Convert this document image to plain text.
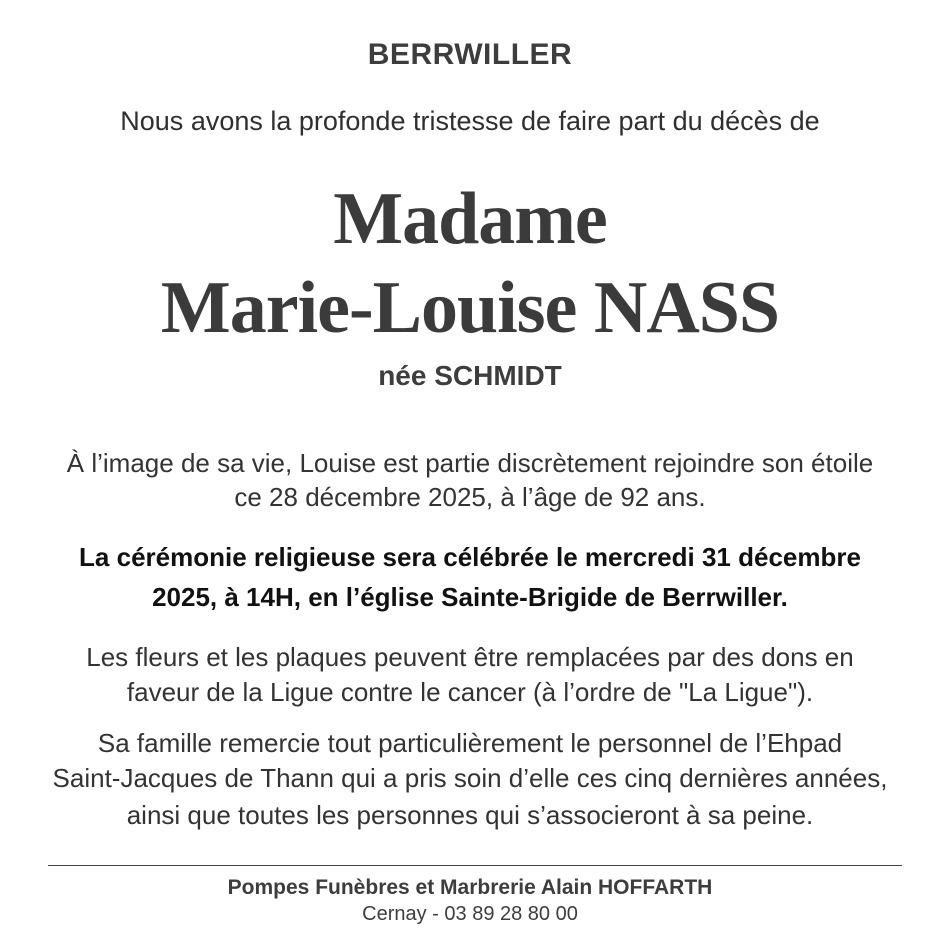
BERRWILLER

Nous avons la profonde tristesse de faire part du décès de

Madame

Marie-Louise NASS

née SCHMIDT

À l’image de sa vie, Louise est partie discrètement rejoindre son étoile

ce 28 décembre 2025, à l’âge de 92 ans.

La cérémonie religieuse sera célébrée le mercredi 31 décembre

2025, à 14H, en l’église Sainte-Brigide de Berrwiller.

Les fleurs et les plaques peuvent être remplacées par des dons en

faveur de la Ligue contre le cancer (à l’ordre de "La Ligue").

Sa famille remercie tout particulièrement le personnel de l’Ehpad

Saint-Jacques de Thann qui a pris soin d’elle ces cinq dernières années,

ainsi que toutes les personnes qui s’associeront à sa peine.

Pompes Funèbres et Marbrerie Alain HOFFARTH

Cernay - 03 89 28 80 00
